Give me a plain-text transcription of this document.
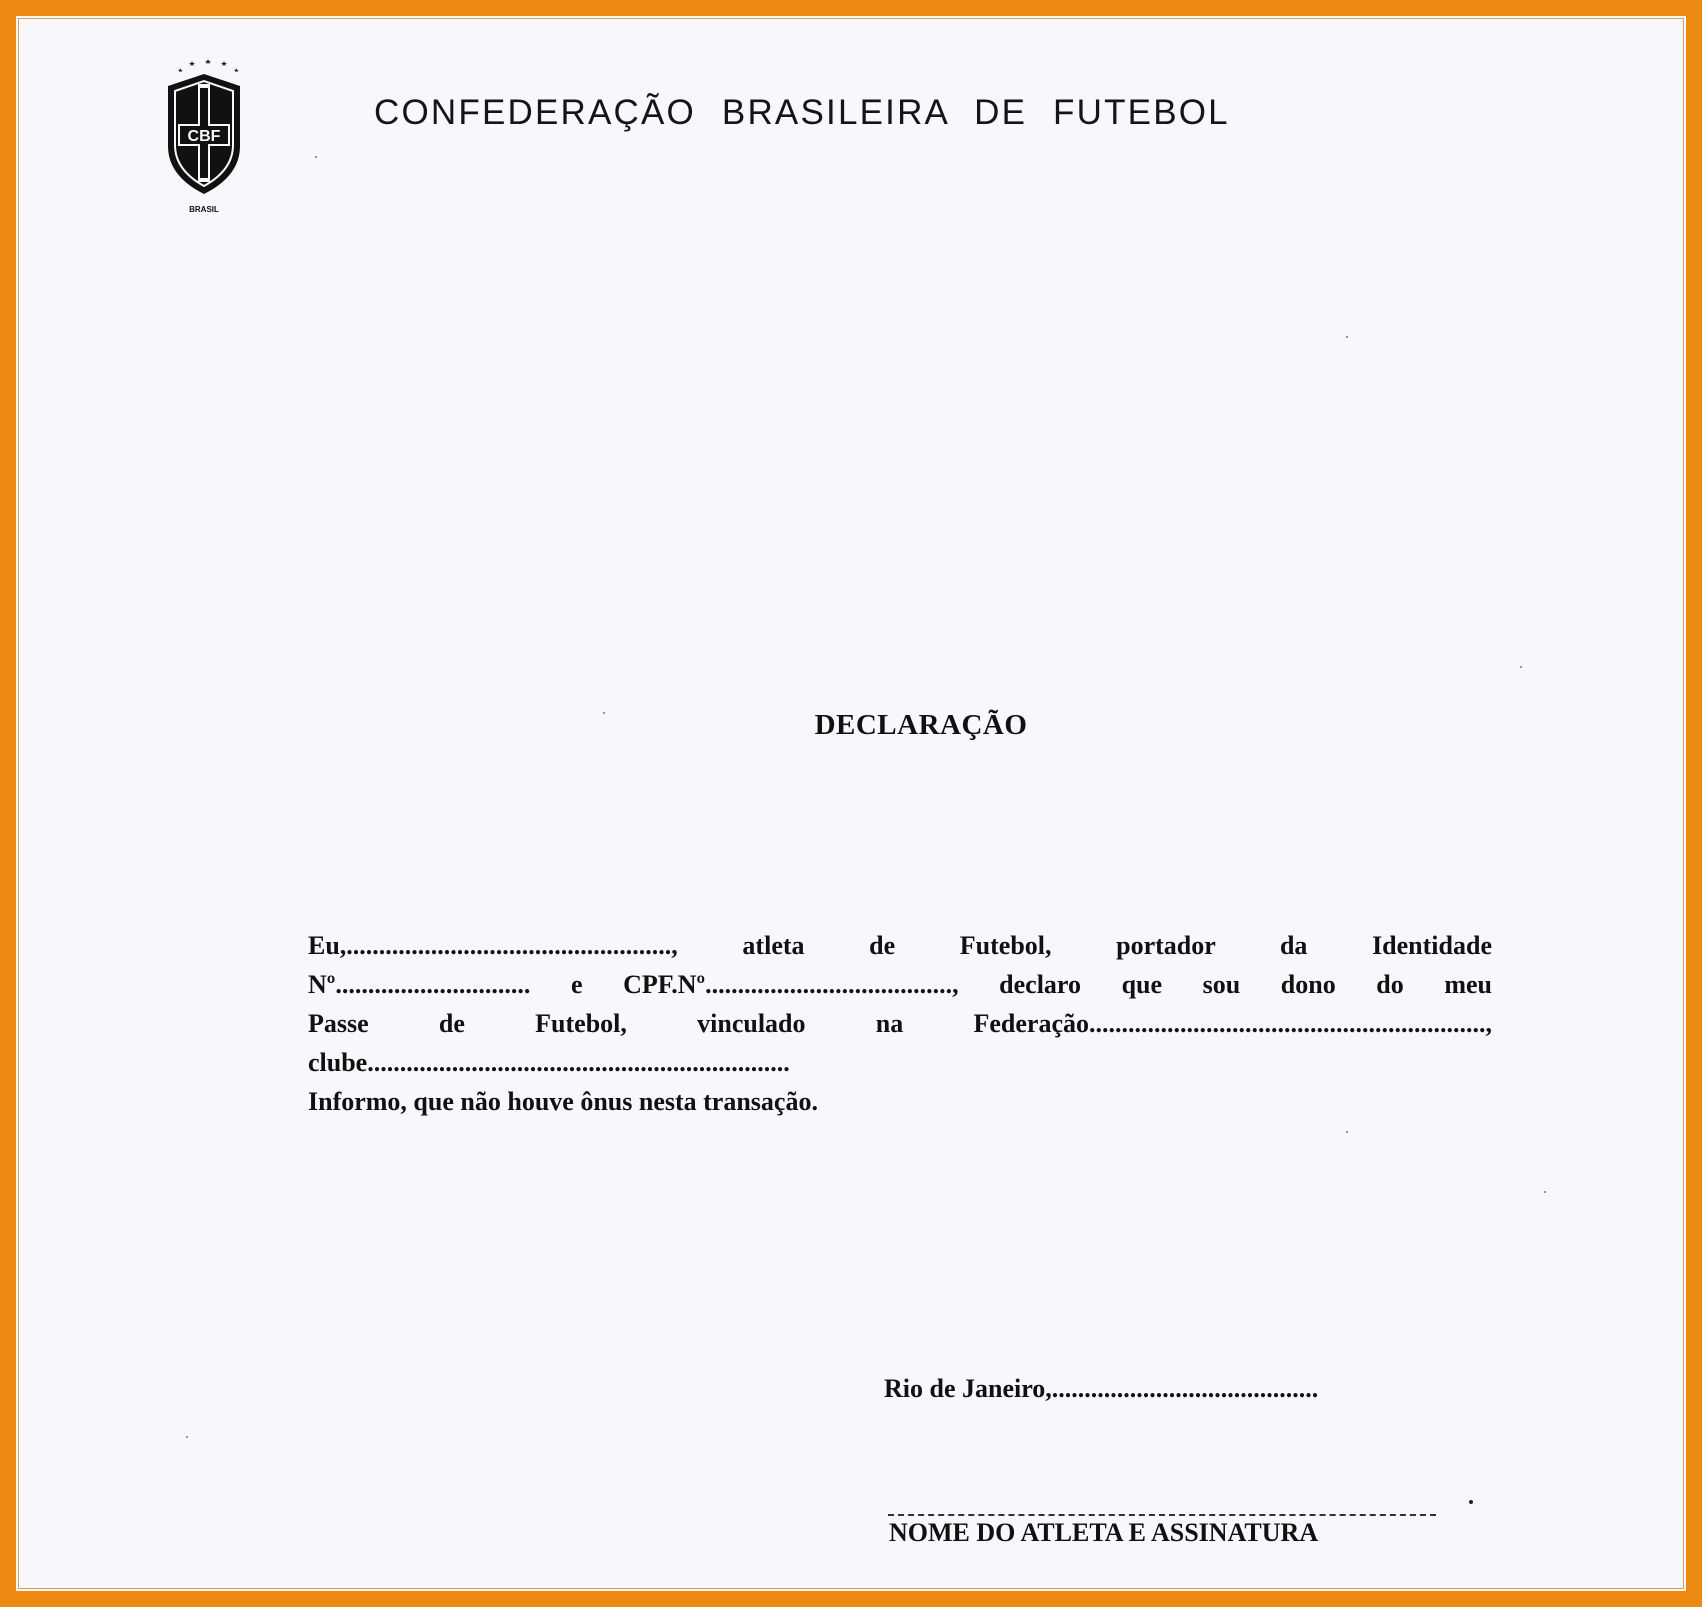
CBF
BRASIL
CONFEDERAÇÃO BRASILEIRA DE FUTEBOL
DECLARAÇÃO
Eu,.................................................., atleta de Futebol, portador da Identidade
Nº.............................. e CPF.Nº......................................, declaro que sou dono do meu
Passe de Futebol, vinculado na Federação.............................................................,
clube.................................................................
Informo, que não houve ônus nesta transação.
Rio de Janeiro,.........................................
NOME DO ATLETA E ASSINATURA
